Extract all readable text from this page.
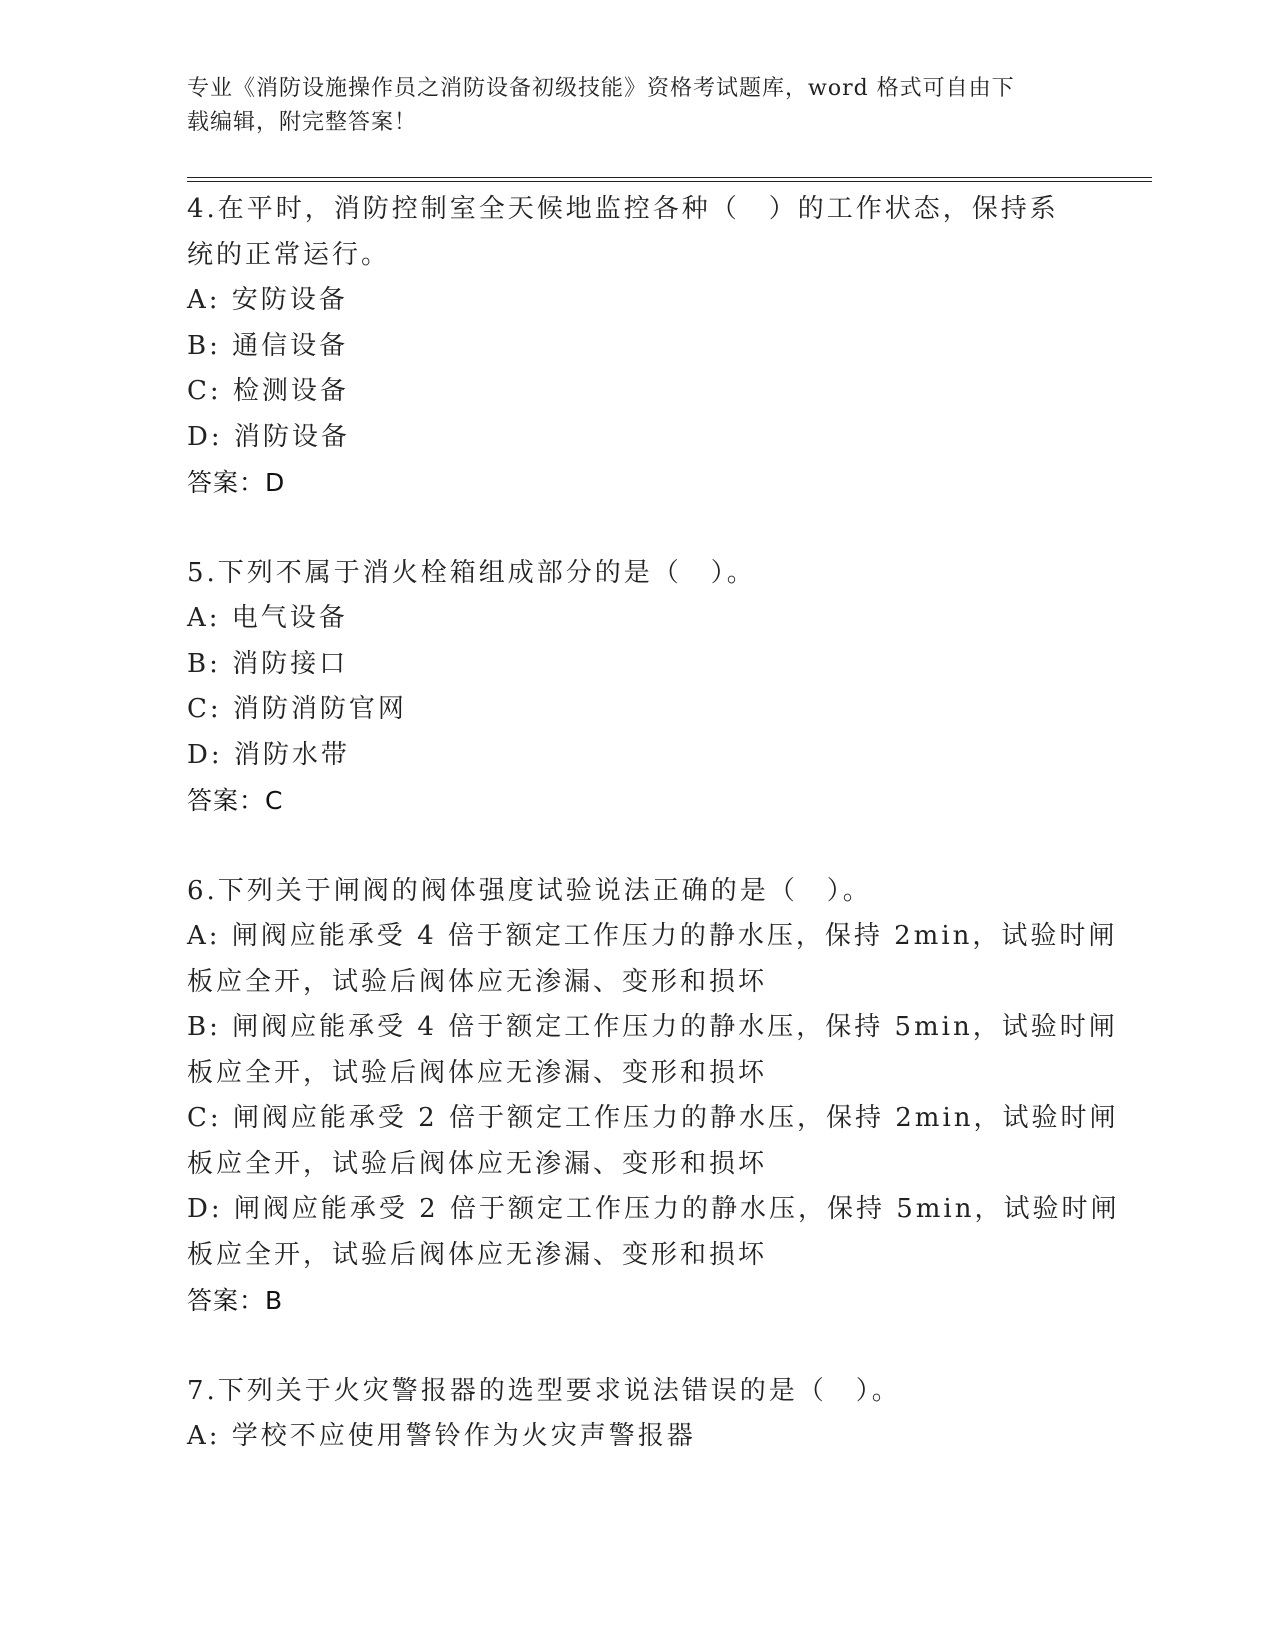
专业《消防设施操作员之消防设备初级技能》资格考试题库，word 格式可自由下
载编辑，附完整答案！
4.在平时，消防控制室全天候地监控各种（　）的工作状态，保持系
统的正常运行。
A: 安防设备
B: 通信设备
C: 检测设备
D: 消防设备
答案：D
5.下列不属于消火栓箱组成部分的是（　）。
A: 电气设备
B: 消防接口
C: 消防消防官网
D: 消防水带
答案：C
6.下列关于闸阀的阀体强度试验说法正确的是（　）。
A: 闸阀应能承受 4 倍于额定工作压力的静水压，保持 2min，试验时闸
板应全开，试验后阀体应无渗漏、变形和损坏
B: 闸阀应能承受 4 倍于额定工作压力的静水压，保持 5min，试验时闸
板应全开，试验后阀体应无渗漏、变形和损坏
C: 闸阀应能承受 2 倍于额定工作压力的静水压，保持 2min，试验时闸
板应全开，试验后阀体应无渗漏、变形和损坏
D: 闸阀应能承受 2 倍于额定工作压力的静水压，保持 5min，试验时闸
板应全开，试验后阀体应无渗漏、变形和损坏
答案：B
7.下列关于火灾警报器的选型要求说法错误的是（　）。
A: 学校不应使用警铃作为火灾声警报器
